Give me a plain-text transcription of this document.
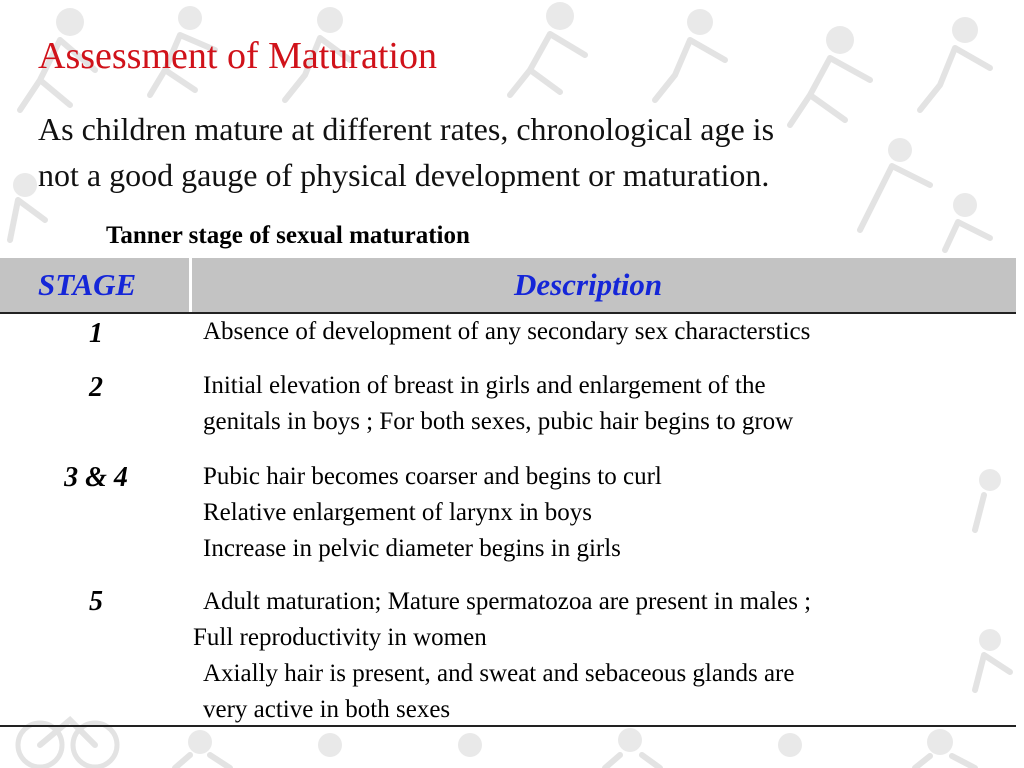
Assessment of Maturation
As children mature at different rates, chronological age is
not a good gauge of physical development or maturation.
Tanner stage of sexual maturation
STAGE	Description
1	Absence of development of any secondary sex characterstics
2	Initial elevation of breast in girls and enlargement of the
genitals in boys ; For both sexes, pubic hair begins to grow
3 & 4	Pubic hair becomes coarser and begins to curl
Relative enlargement of larynx in boys
Increase in pelvic diameter begins in girls
5	Adult maturation; Mature spermatozoa are present in males ;
Full reproductivity in women
Axially hair is present, and sweat and sebaceous glands are
very active in both sexes
